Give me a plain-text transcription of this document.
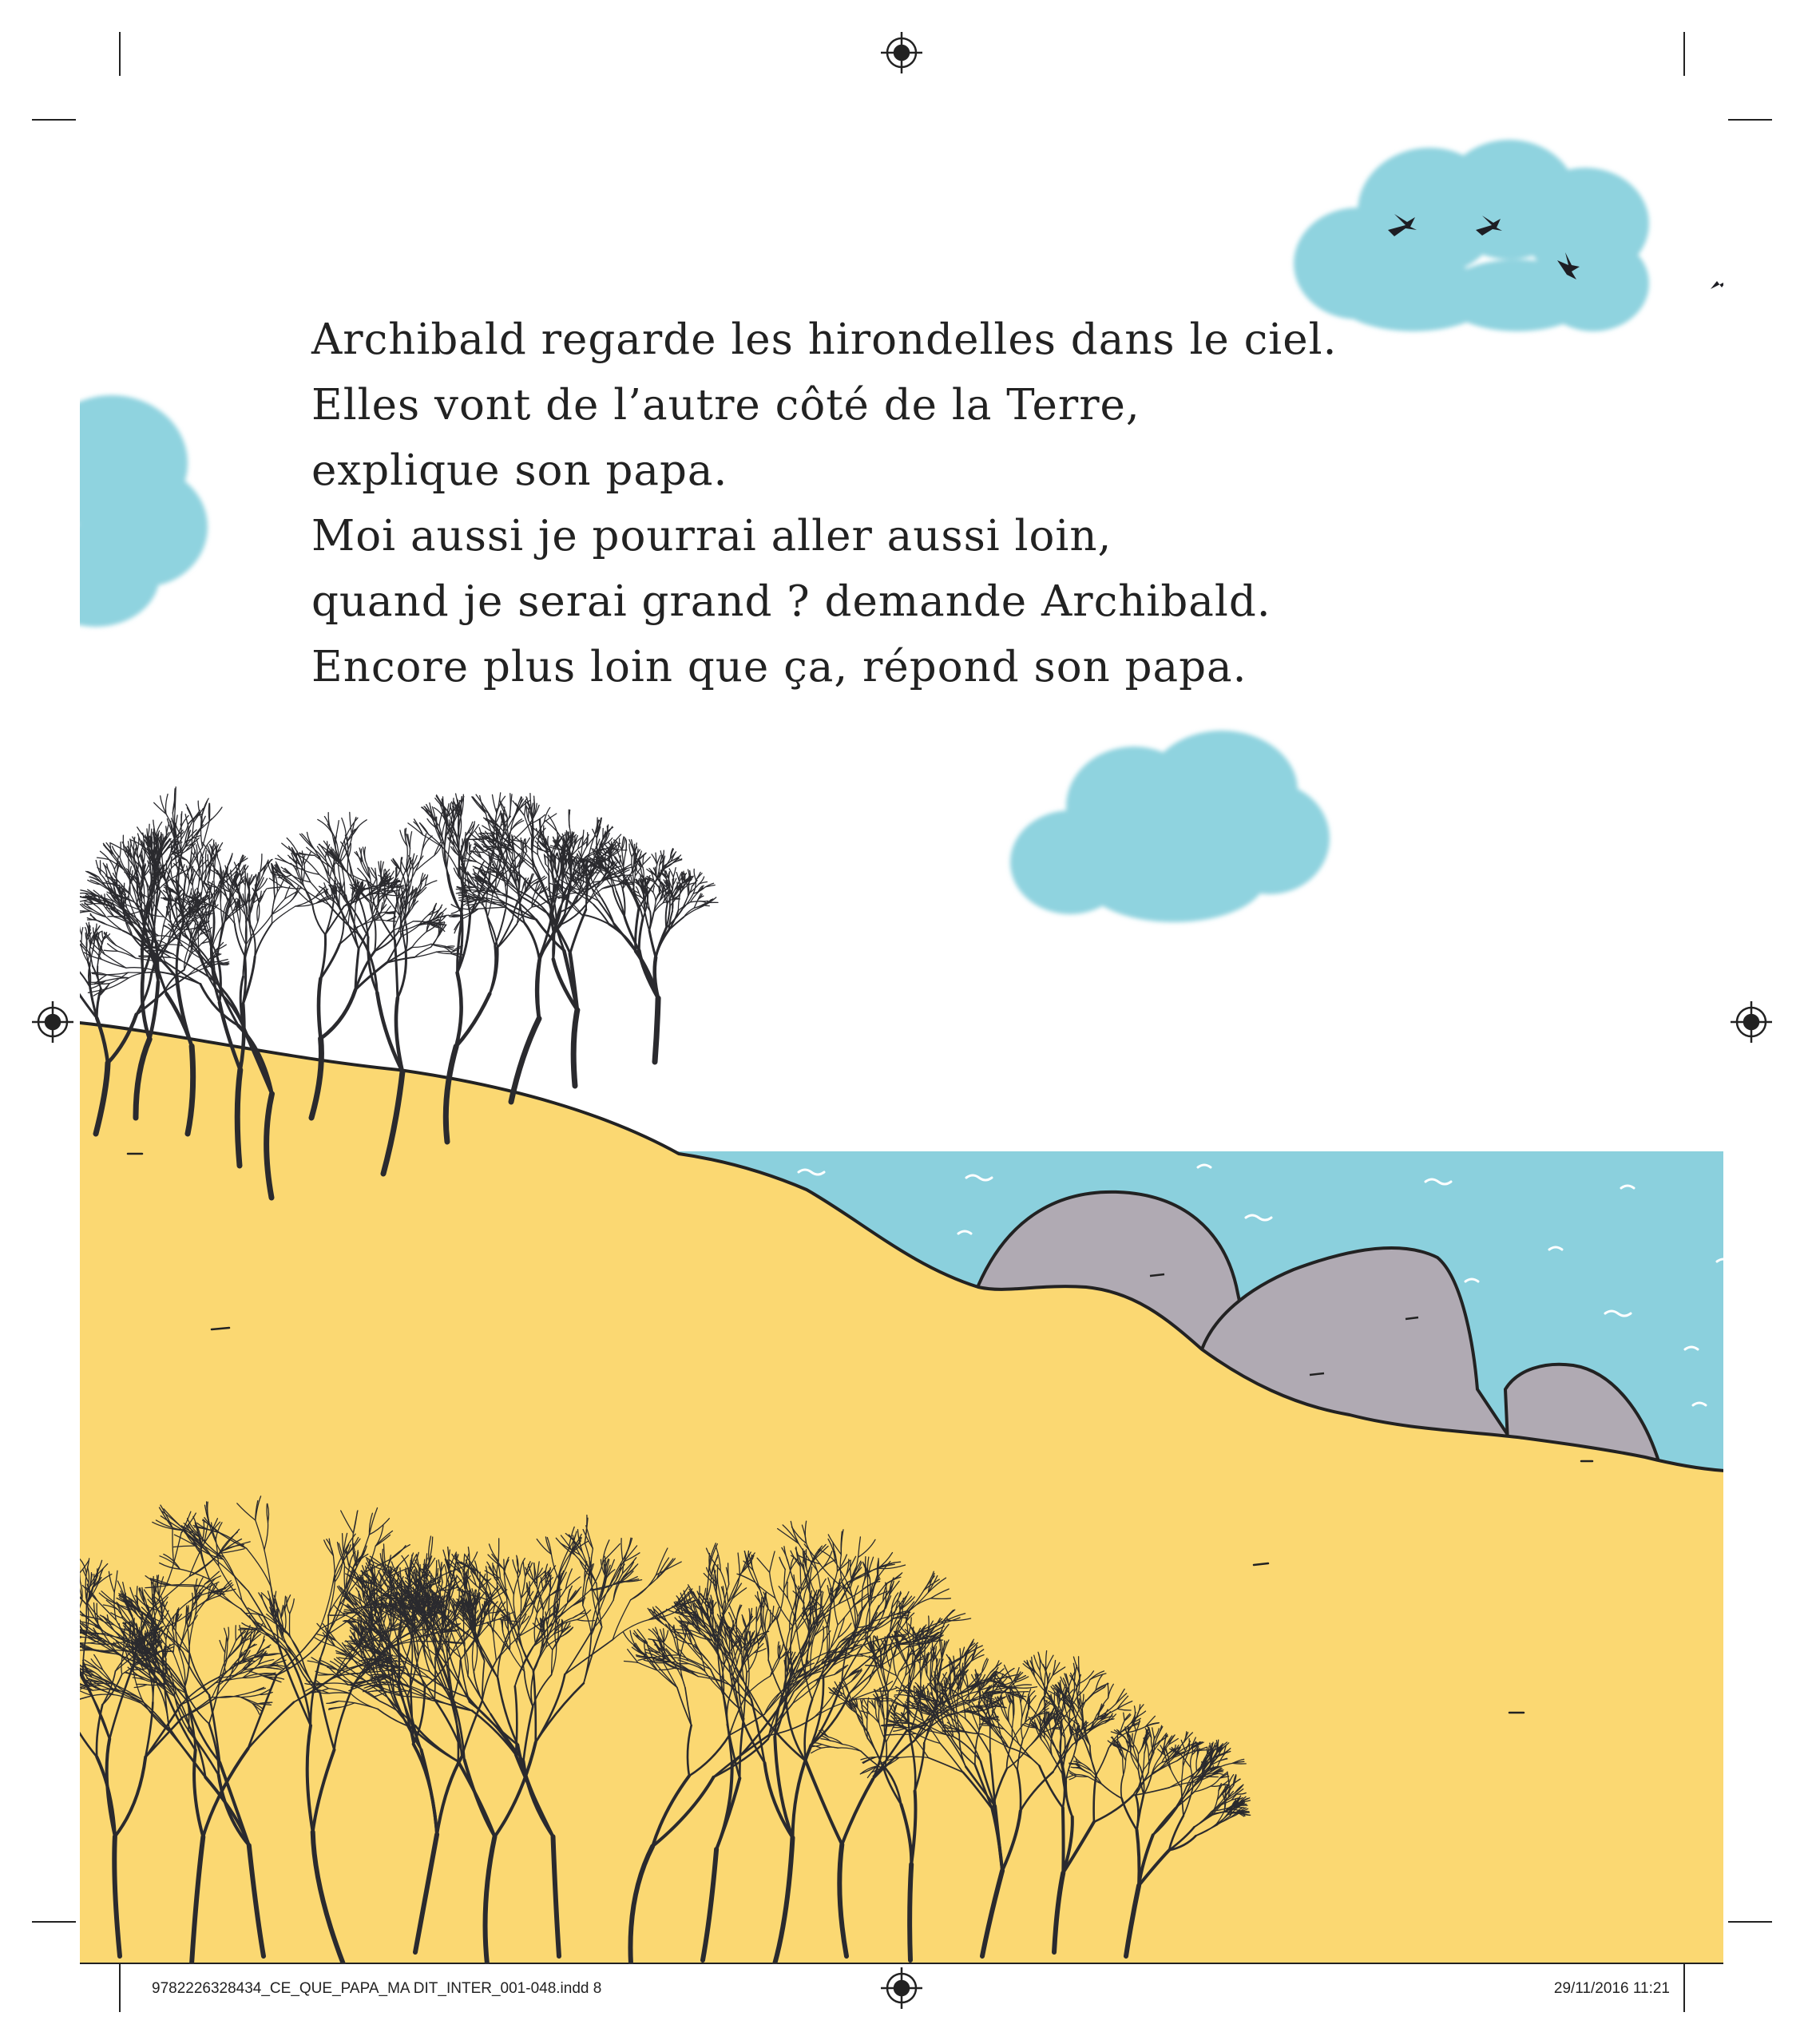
Archibald regarde les hirondelles dans le ciel.
Elles vont de l’autre côté de la Terre,
explique son papa.
Moi aussi je pourrai aller aussi loin,
quand je serai grand ? demande Archibald.
Encore plus loin que ça, répond son papa.
9782226328434_CE_QUE_PAPA_MA DIT_INTER_001-048.indd 8	29/11/2016 11:21
